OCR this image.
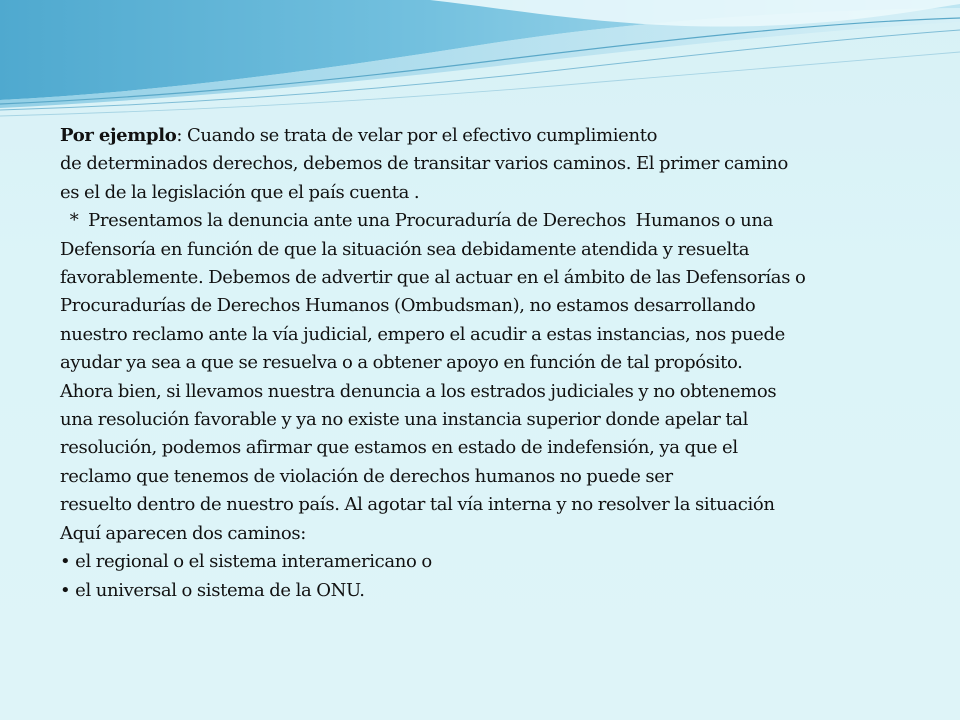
Por ejemplo: Cuando se trata de velar por el efectivo cumplimiento

de determinados derechos, debemos de transitar varios caminos. El primer camino

es el de la legislación que el país cuenta .

*  Presentamos la denuncia ante una Procuraduría de Derechos  Humanos o una

Defensoría en función de que la situación sea debidamente atendida y resuelta

favorablemente. Debemos de advertir que al actuar en el ámbito de las Defensorías o

Procuradurías de Derechos Humanos (Ombudsman), no estamos desarrollando

nuestro reclamo ante la vía judicial, empero el acudir a estas instancias, nos puede

ayudar ya sea a que se resuelva o a obtener apoyo en función de tal propósito.

Ahora bien, si llevamos nuestra denuncia a los estrados judiciales y no obtenemos

una resolución favorable y ya no existe una instancia superior donde apelar tal

resolución, podemos afirmar que estamos en estado de indefensión, ya que el

reclamo que tenemos de violación de derechos humanos no puede ser

resuelto dentro de nuestro país. Al agotar tal vía interna y no resolver la situación

Aquí aparecen dos caminos:

• el regional o el sistema interamericano o

• el universal o sistema de la ONU.
